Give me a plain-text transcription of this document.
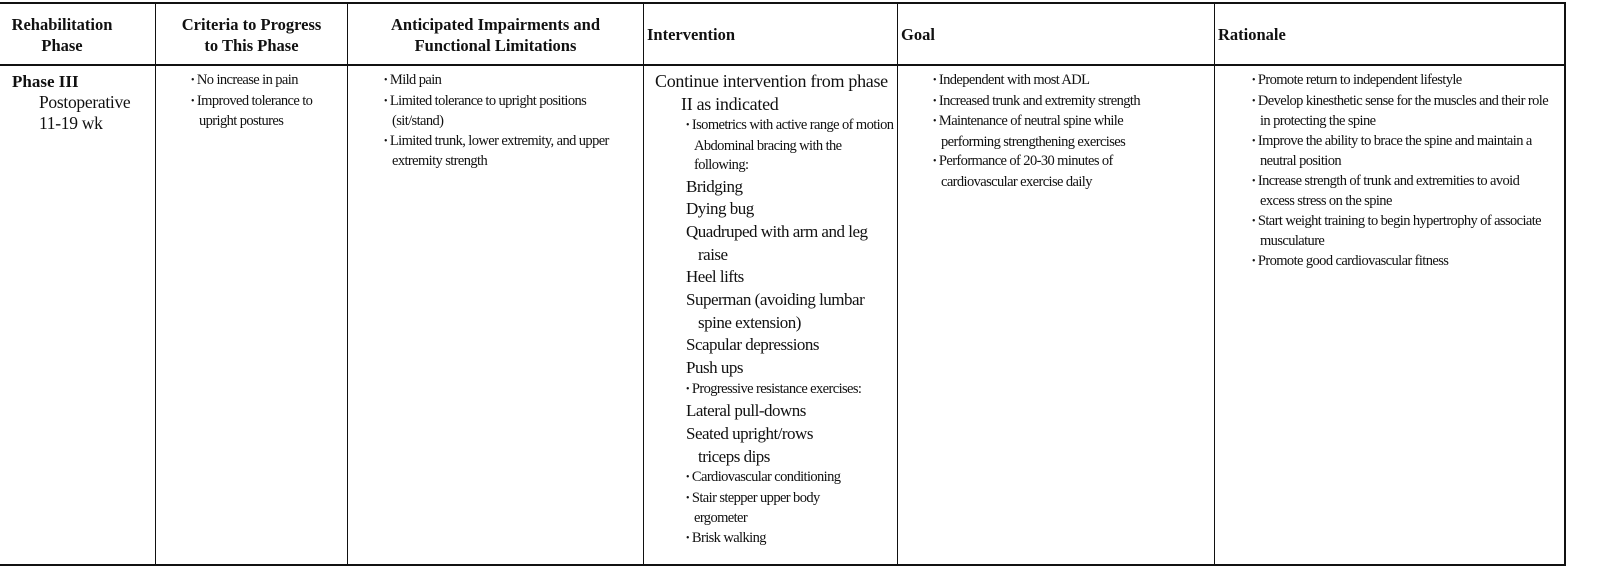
Rehabilitation Phase
Phase III
Postoperative
11-19 wk
Criteria to Progress to This Phase
• No increase in pain
• Improved tolerance to upright postures
Anticipated Impairments and Functional Limitations
• Mild pain
• Limited tolerance to upright positions (sit/stand)
• Limited trunk, lower extremity, and upper extremity strength
Intervention
Continue intervention from phase II as indicated
• Isometrics with active range of motion
Abdominal bracing with the following:
Bridging
Dying bug
Quadruped with arm and leg raise
Heel lifts
Superman (avoiding lumbar spine extension)
Scapular depressions
Push ups
• Progressive resistance exercises:
Lateral pull-downs
Seated upright/rows triceps dips
• Cardiovascular conditioning
• Stair stepper upper body ergometer
• Brisk walking
Goal
• Independent with most ADL
• Increased trunk and extremity strength
• Maintenance of neutral spine while performing strengthening exercises
• Performance of 20-30 minutes of cardiovascular exercise daily
Rationale
• Promote return to independent lifestyle
• Develop kinesthetic sense for the muscles and their role in protecting the spine
• Improve the ability to brace the spine and maintain a neutral position
• Increase strength of trunk and extremities to avoid excess stress on the spine
• Start weight training to begin hypertrophy of associate musculature
• Promote good cardiovascular fitness
